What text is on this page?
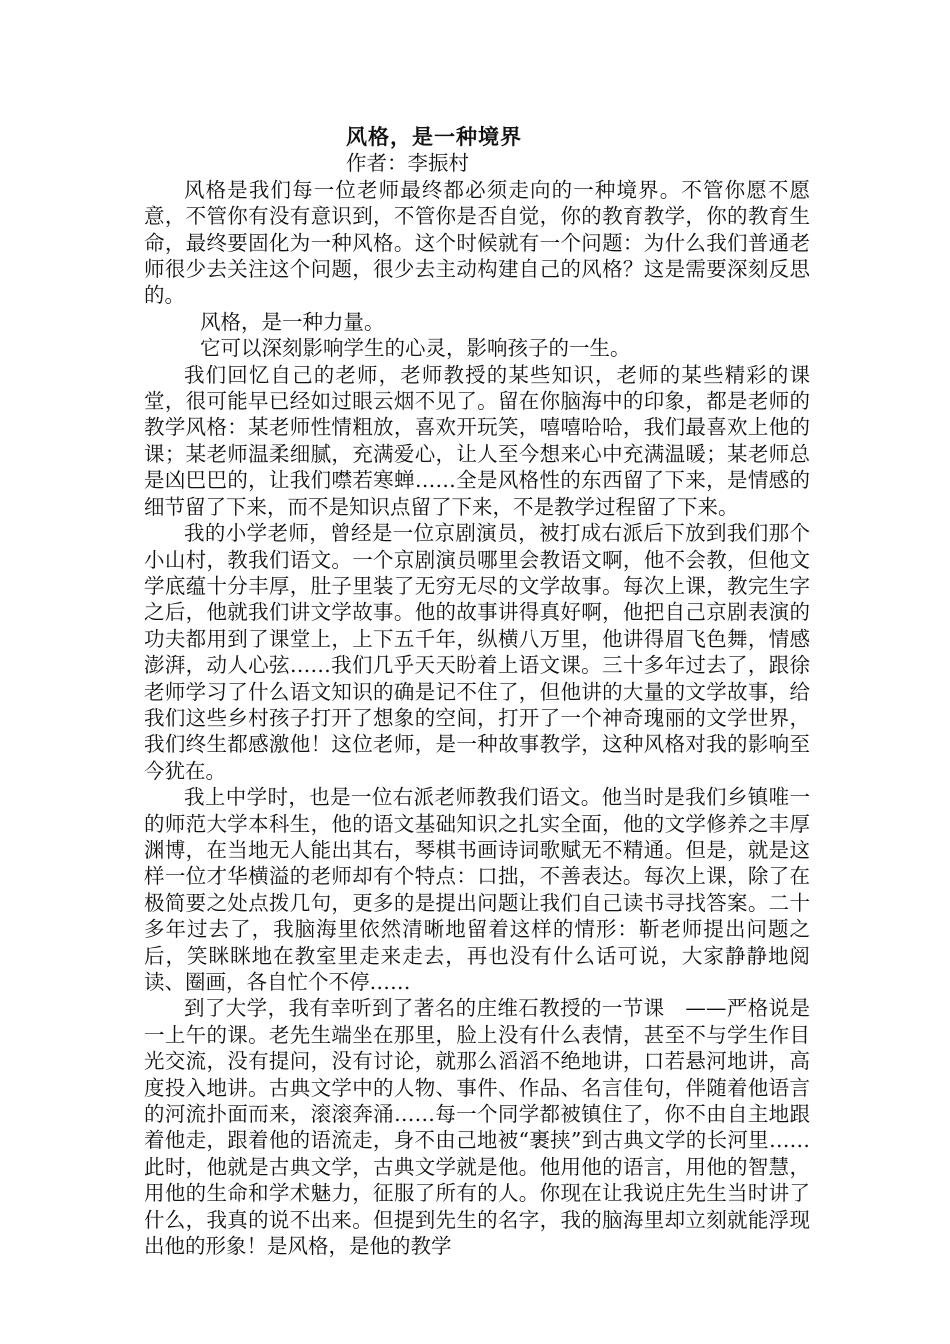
风格，是一种境界

作者：李振村

风格是我们每一位老师最终都必须走向的一种境界。不管你愿不愿意，不管你有没有意识到，不管你是否自觉，你的教育教学，你的教育生命，最终要固化为一种风格。这个时候就有一个问题：为什么我们普通老师很少去关注这个问题，很少去主动构建自己的风格？这是需要深刻反思的。

风格，是一种力量。

它可以深刻影响学生的心灵，影响孩子的一生。

我们回忆自己的老师，老师教授的某些知识，老师的某些精彩的课堂，很可能早已经如过眼云烟不见了。留在你脑海中的印象，都是老师的教学风格：某老师性情粗放，喜欢开玩笑，嘻嘻哈哈，我们最喜欢上他的课；某老师温柔细腻，充满爱心，让人至今想来心中充满温暖；某老师总是凶巴巴的，让我们噤若寒蝉……全是风格性的东西留了下来，是情感的细节留了下来，而不是知识点留了下来，不是教学过程留了下来。

我的小学老师，曾经是一位京剧演员，被打成右派后下放到我们那个小山村，教我们语文。一个京剧演员哪里会教语文啊，他不会教，但他文学底蕴十分丰厚，肚子里装了无穷无尽的文学故事。每次上课，教完生字之后，他就我们讲文学故事。他的故事讲得真好啊，他把自己京剧表演的功夫都用到了课堂上，上下五千年，纵横八万里，他讲得眉飞色舞，情感澎湃，动人心弦……我们几乎天天盼着上语文课。三十多年过去了，跟徐老师学习了什么语文知识的确是记不住了，但他讲的大量的文学故事，给我们这些乡村孩子打开了想象的空间，打开了一个神奇瑰丽的文学世界，我们终生都感激他！这位老师，是一种故事教学，这种风格对我的影响至今犹在。

我上中学时，也是一位右派老师教我们语文。他当时是我们乡镇唯一的师范大学本科生，他的语文基础知识之扎实全面，他的文学修养之丰厚渊博，在当地无人能出其右，琴棋书画诗词歌赋无不精通。但是，就是这样一位才华横溢的老师却有个特点：口拙，不善表达。每次上课，除了在极简要之处点拨几句，更多的是提出问题让我们自己读书寻找答案。二十多年过去了，我脑海里依然清晰地留着这样的情形：靳老师提出问题之后，笑眯眯地在教室里走来走去，再也没有什么话可说，大家静静地阅读、圈画，各自忙个不停……

到了大学，我有幸听到了著名的庄维石教授的一节课　——严格说是一上午的课。老先生端坐在那里，脸上没有什么表情，甚至不与学生作目光交流，没有提问，没有讨论，就那么滔滔不绝地讲，口若悬河地讲，高度投入地讲。古典文学中的人物、事件、作品、名言佳句，伴随着他语言的河流扑面而来，滚滚奔涌……每一个同学都被镇住了，你不由自主地跟着他走，跟着他的语流走，身不由己地被“裹挟”到古典文学的长河里……此时，他就是古典文学，古典文学就是他。他用他的语言，用他的智慧，用他的生命和学术魅力，征服了所有的人。你现在让我说庄先生当时讲了什么，我真的说不出来。但提到先生的名字，我的脑海里却立刻就能浮现出他的形象！是风格，是他的教学
